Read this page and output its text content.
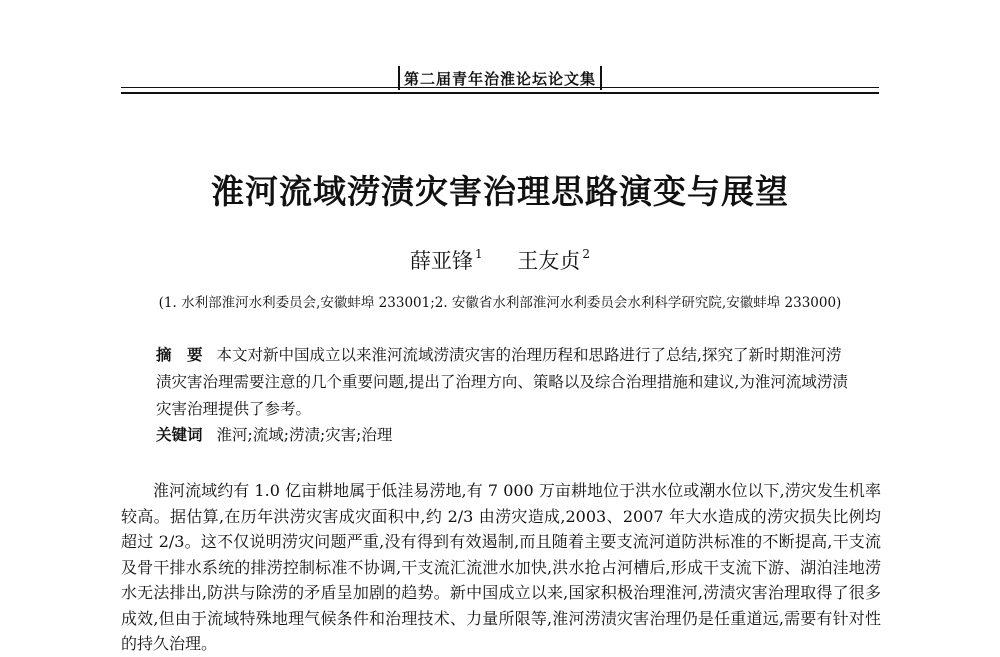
第二届青年治淮论坛论文集
淮河流域涝渍灾害治理思路演变与展望
薛亚锋 $^1$ 王友贞 $^2$
(1. 水利部淮河水利委员会,安徽蚌埠 233001;2. 安徽省水利部淮河水利委员会水利科学研究院,安徽蚌埠 233000)
摘　要 本文对新中国成立以来淮河流域涝渍灾害的治理历程和思路进行了总结,探究了新时期淮河涝渍灾害治理需要注意的几个重要问题,提出了治理方向、策略以及综合治理措施和建议,为淮河流域涝渍灾害治理提供了参考。
关键词 淮河;流域;涝渍;灾害;治理
淮河流域约有 1.0 亿亩耕地属于低洼易涝地,有 7 000 万亩耕地位于洪水位或潮水位以下,涝灾发生机率较高。据估算,在历年洪涝灾害成灾面积中,约 2/3 由涝灾造成,2003、2007 年大水造成的涝灾损失比例均超过 2/3。这不仅说明涝灾问题严重,没有得到有效遏制,而且随着主要支流河道防洪标准的不断提高,干支流及骨干排水系统的排涝控制标准不协调,干支流汇流泄水加快,洪水抢占河槽后,形成干支流下游、湖泊洼地涝水无法排出,防洪与除涝的矛盾呈加剧的趋势。新中国成立以来,国家积极治理淮河,涝渍灾害治理取得了很多成效,但由于流域特殊地理气候条件和治理技术、力量所限等,淮河涝渍灾害治理仍是任重道远,需要有针对性的持久治理。
